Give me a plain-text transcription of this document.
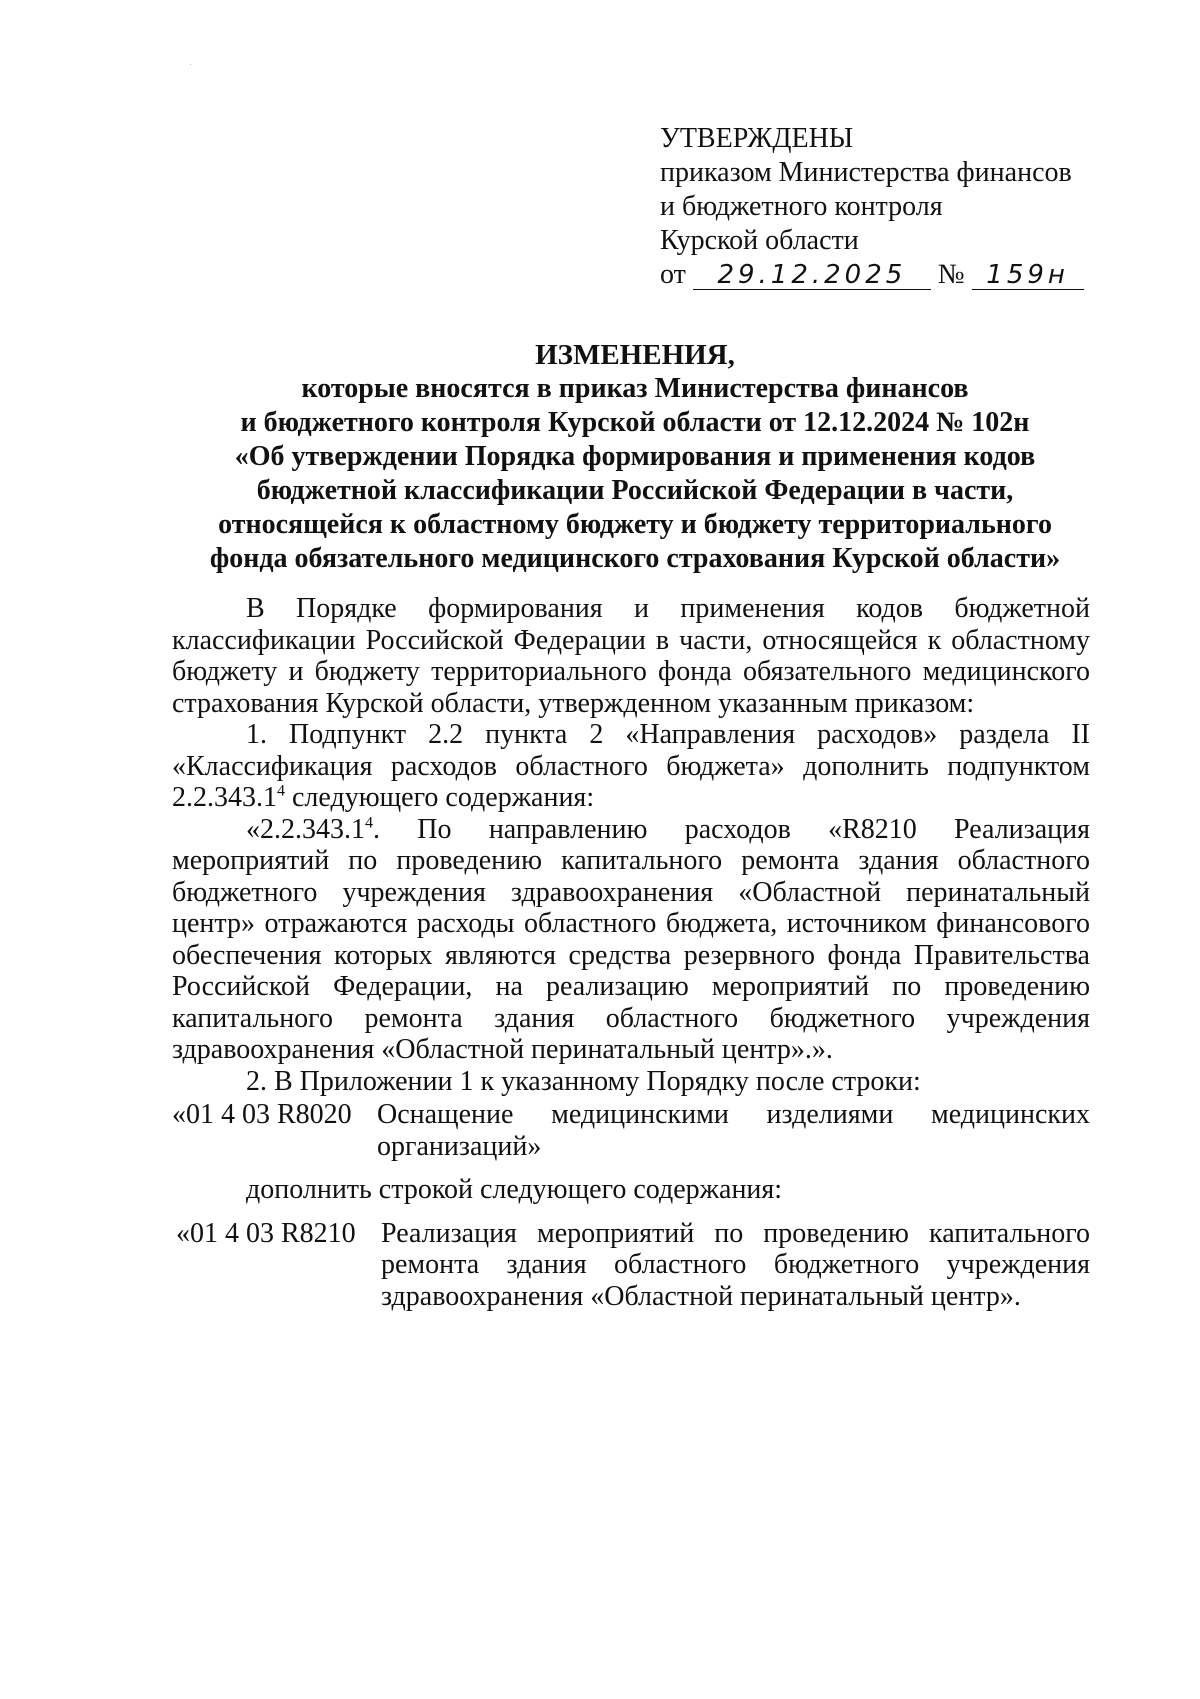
УТВЕРЖДЕНЫ
приказом Министерства финансов
и бюджетного контроля
Курской области
от 29.12.2025 № 159н
ИЗМЕНЕНИЯ,
которые вносятся в приказ Министерства финансов
и бюджетного контроля Курской области от 12.12.2024 № 102н
«Об утверждении Порядка формирования и применения кодов
бюджетной классификации Российской Федерации в части,
относящейся к областному бюджету и бюджету территориального
фонда обязательного медицинского страхования Курской области»

В Порядке формирования и применения кодов бюджетной классификации Российской Федерации в части, относящейся к областному бюджету и бюджету территориального фонда обязательного медицинского страхования Курской области, утвержденном указанным приказом:

1. Подпункт 2.2 пункта 2 «Направления расходов» раздела II «Классификация расходов областного бюджета» дополнить подпунктом 2.2.343.1$^4$ следующего содержания:

«2.2.343.1$^4$. По направлению расходов «R8210 Реализация мероприятий по проведению капитального ремонта здания областного бюджетного учреждения здравоохранения «Областной перинатальный центр» отражаются расходы областного бюджета, источником финансового обеспечения которых являются средства резервного фонда Правительства Российской Федерации, на реализацию мероприятий по проведению капитального ремонта здания областного бюджетного учреждения здравоохранения «Областной перинатальный центр».».

2. В Приложении 1 к указанному Порядку после строки:

«01 4 03 R8020 Оснащение медицинскими изделиями медицинских организаций»
дополнить строкой следующего содержания:
«01 4 03 R8210 Реализация мероприятий по проведению капитального ремонта здания областного бюджетного учреждения здравоохранения «Областной перинатальный центр».
